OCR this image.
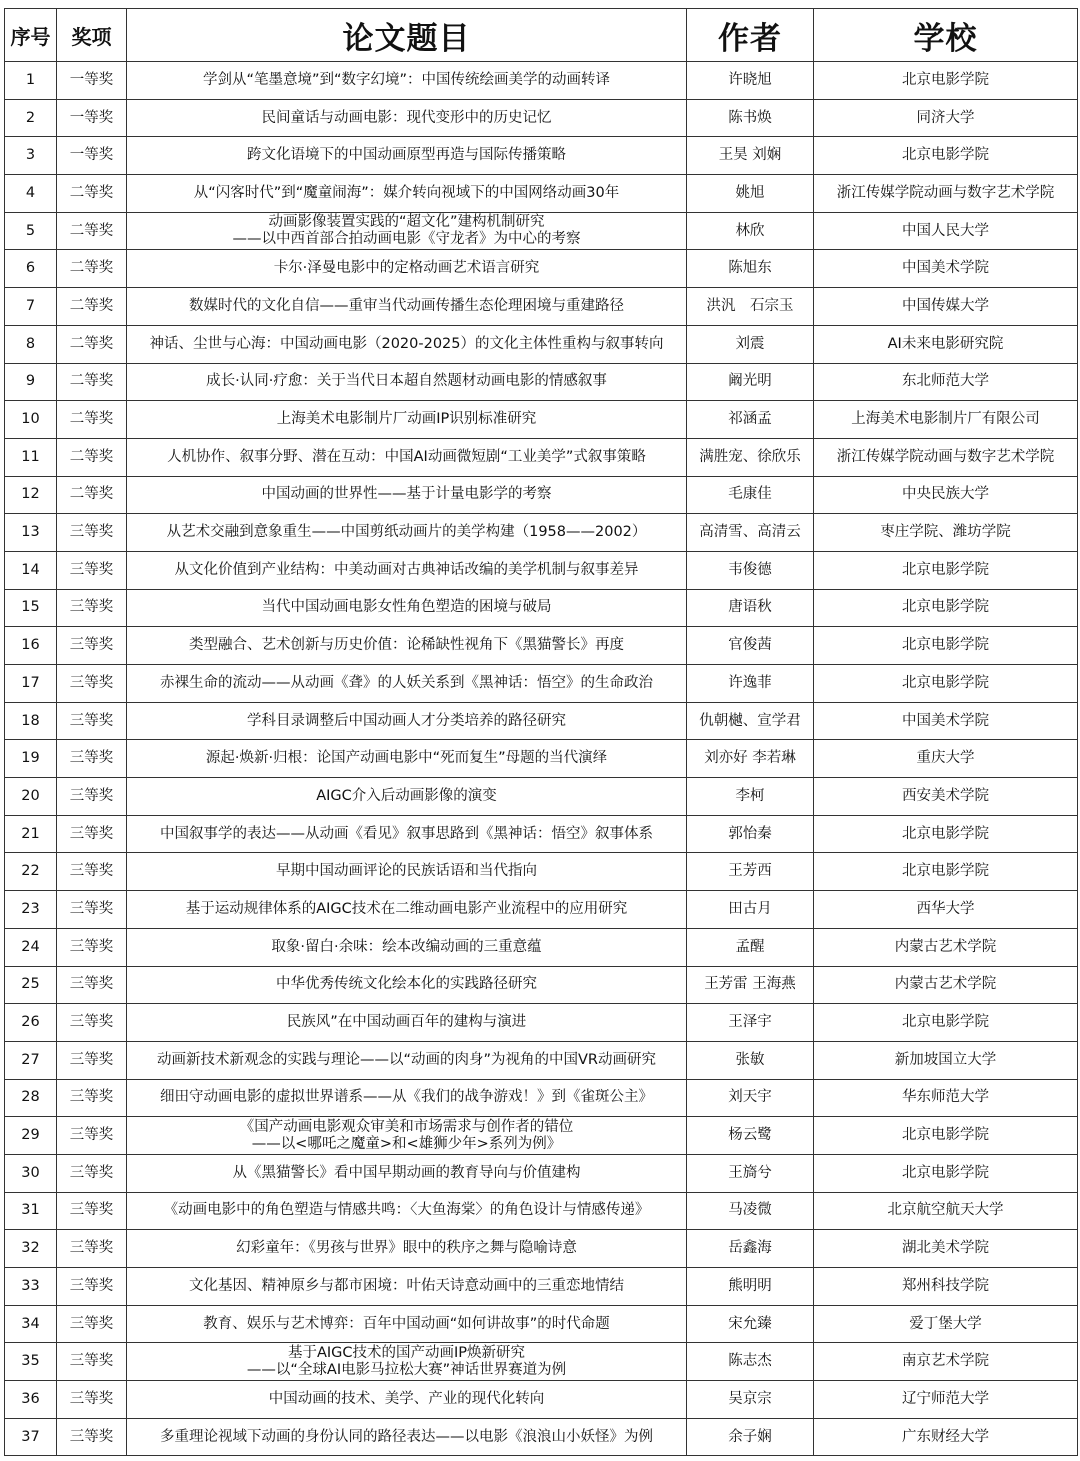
序号	奖项	论文题目	作者	学校
1	一等奖	学剑从“笔墨意境”到“数字幻境”：中国传统绘画美学的动画转译	许晓旭	北京电影学院
2	一等奖	民间童话与动画电影：现代变形中的历史记忆	陈书焕	同济大学
3	一等奖	跨文化语境下的中国动画原型再造与国际传播策略	王昊 刘娴	北京电影学院
4	二等奖	从“闪客时代”到“魔童闹海”：媒介转向视域下的中国网络动画30年	姚旭	浙江传媒学院动画与数字艺术学院
5	二等奖	动画影像装置实践的“超文化”建构机制研究
——以中西首部合拍动画电影《守龙者》为中心的考察	林欣	中国人民大学
6	二等奖	卡尔·泽曼电影中的定格动画艺术语言研究	陈旭东	中国美术学院
7	二等奖	数媒时代的文化自信——重审当代动画传播生态伦理困境与重建路径	洪汎　石宗玉	中国传媒大学
8	二等奖	神话、尘世与心海：中国动画电影（2020-2025）的文化主体性重构与叙事转向	刘震	AI未来电影研究院
9	二等奖	成长·认同·疗愈：关于当代日本超自然题材动画电影的情感叙事	阚光明	东北师范大学
10	二等奖	上海美术电影制片厂动画IP识别标准研究	祁涵孟	上海美术电影制片厂有限公司
11	二等奖	人机协作、叙事分野、潜在互动：中国AI动画微短剧“工业美学”式叙事策略	满胜宠、徐欣乐	浙江传媒学院动画与数字艺术学院
12	二等奖	中国动画的世界性——基于计量电影学的考察	毛康佳	中央民族大学
13	三等奖	从艺术交融到意象重生——中国剪纸动画片的美学构建（1958——2002）	高清雪、高清云	枣庄学院、潍坊学院
14	三等奖	从文化价值到产业结构：中美动画对古典神话改编的美学机制与叙事差异	韦俊德	北京电影学院
15	三等奖	当代中国动画电影女性角色塑造的困境与破局	唐语秋	北京电影学院
16	三等奖	类型融合、艺术创新与历史价值：论稀缺性视角下《黑猫警长》再度	官俊茜	北京电影学院
17	三等奖	赤裸生命的流动——从动画《聋》的人妖关系到《黑神话：悟空》的生命政治	许逸菲	北京电影学院
18	三等奖	学科目录调整后中国动画人才分类培养的路径研究	仇朝樾、宣学君	中国美术学院
19	三等奖	源起·焕新·归根：论国产动画电影中“死而复生”母题的当代演绎	刘亦好 李若琳	重庆大学
20	三等奖	AIGC介入后动画影像的演变	李柯	西安美术学院
21	三等奖	中国叙事学的表达——从动画《看见》叙事思路到《黑神话：悟空》叙事体系	郭怡秦	北京电影学院
22	三等奖	早期中国动画评论的民族话语和当代指向	王芳西	北京电影学院
23	三等奖	基于运动规律体系的AIGC技术在二维动画电影产业流程中的应用研究	田古月	西华大学
24	三等奖	取象·留白·余味：绘本改编动画的三重意蕴	孟醒	内蒙古艺术学院
25	三等奖	中华优秀传统文化绘本化的实践路径研究	王芳雷 王海燕	内蒙古艺术学院
26	三等奖	民族风”在中国动画百年的建构与演进	王泽宇	北京电影学院
27	三等奖	动画新技术新观念的实践与理论——以“动画的肉身”为视角的中国VR动画研究	张敏	新加坡国立大学
28	三等奖	细田守动画电影的虚拟世界谱系——从《我们的战争游戏！》到《雀斑公主》	刘天宇	华东师范大学
29	三等奖	《国产动画电影观众审美和市场需求与创作者的错位
——以<哪吒之魔童>和<雄狮少年>系列为例》	杨云鹭	北京电影学院
30	三等奖	从《黑猫警长》看中国早期动画的教育导向与价值建构	王旖兮	北京电影学院
31	三等奖	《动画电影中的角色塑造与情感共鸣：〈大鱼海棠〉的角色设计与情感传递》	马凌微	北京航空航天大学
32	三等奖	幻彩童年：《男孩与世界》眼中的秩序之舞与隐喻诗意	岳鑫海	湖北美术学院
33	三等奖	文化基因、精神原乡与都市困境：叶佑天诗意动画中的三重恋地情结	熊明明	郑州科技学院
34	三等奖	教育、娱乐与艺术博弈：百年中国动画“如何讲故事”的时代命题	宋允臻	爱丁堡大学
35	三等奖	基于AIGC技术的国产动画IP焕新研究
——以“全球AI电影马拉松大赛”神话世界赛道为例	陈志杰	南京艺术学院
36	三等奖	中国动画的技术、美学、产业的现代化转向	吴京宗	辽宁师范大学
37	三等奖	多重理论视域下动画的身份认同的路径表达——以电影《浪浪山小妖怪》为例	余子娴	广东财经大学
